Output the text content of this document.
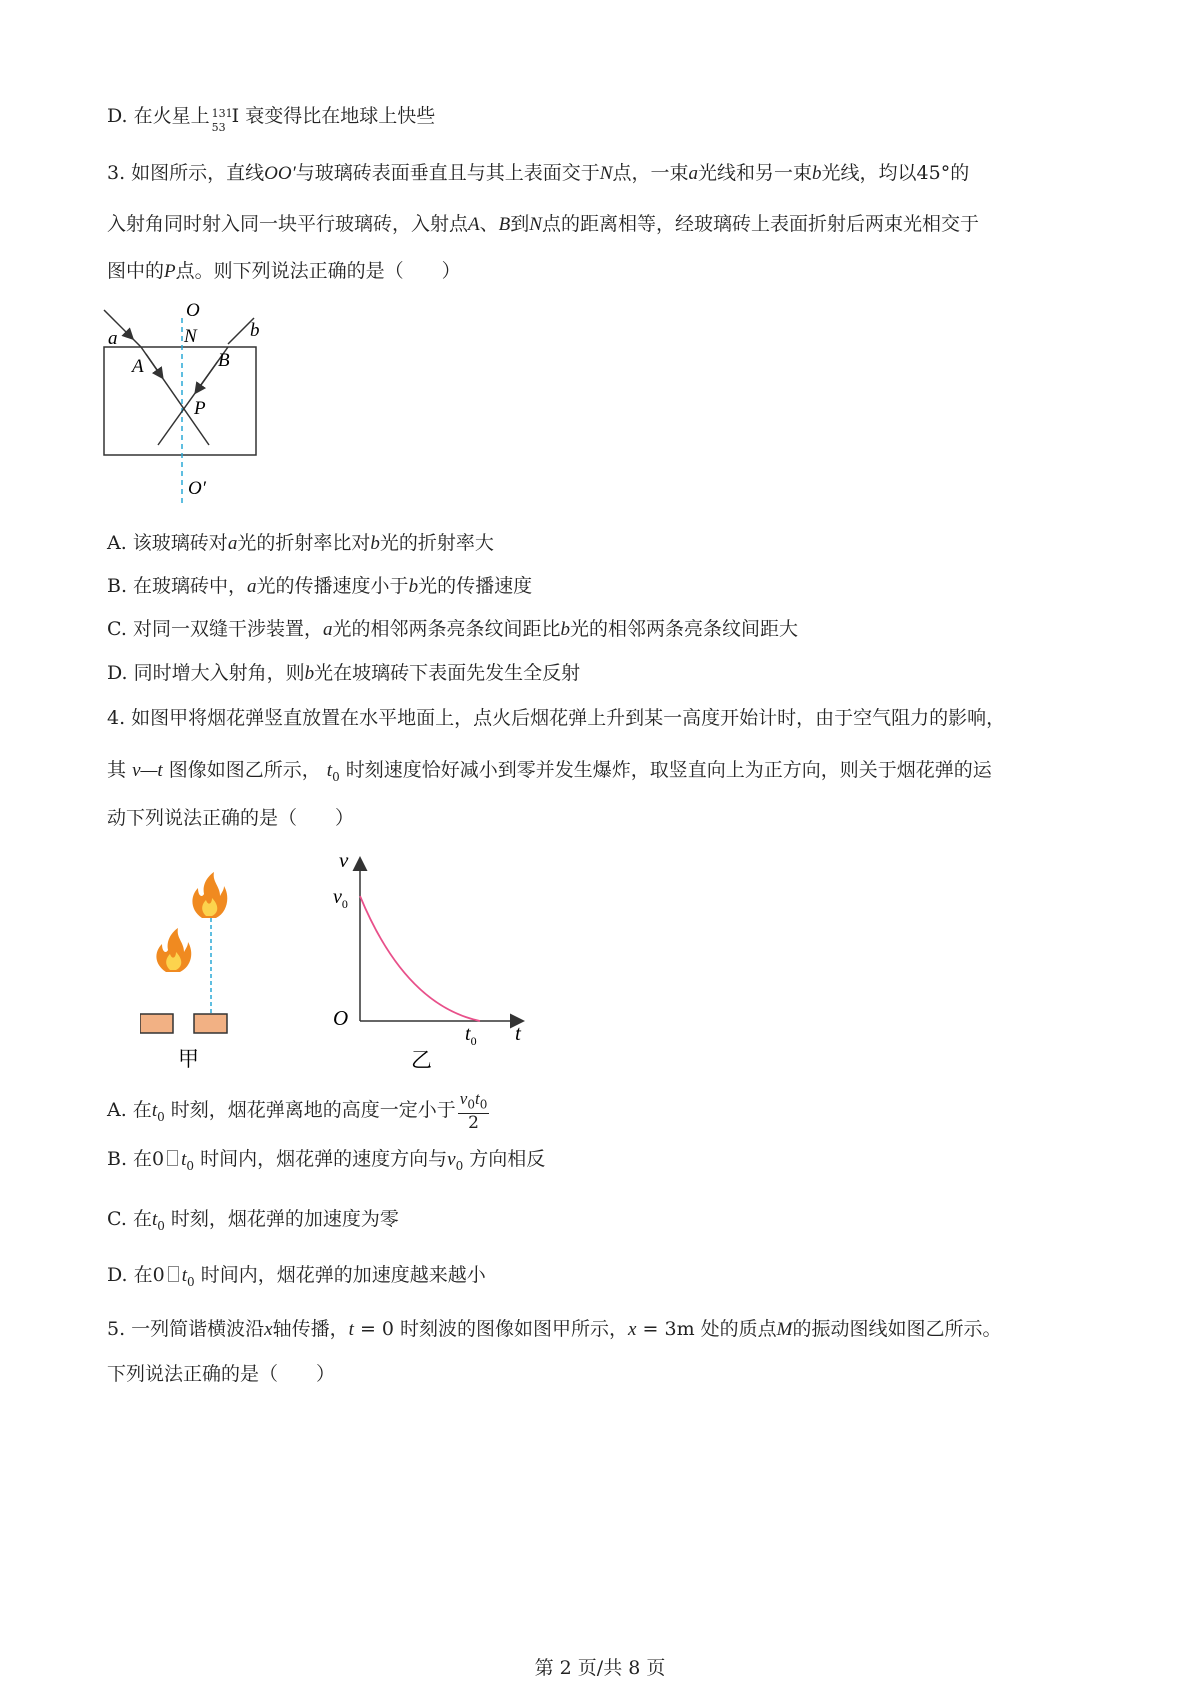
D. 在火星上 131
53
I 衰变得比在地球上快些
3. 如图所示，直线OO′与玻璃砖表面垂直且与其上表面交于N点，一束a光线和另一束b光线，均以45°的
入射角同时射入同一块平行玻璃砖，入射点A、B到N点的距离相等，经玻璃砖上表面折射后两束光相交于
图中的P点。则下列说法正确的是（　　）
O
N
a	b
A	B
P
O′
A. 该玻璃砖对a光的折射率比对b光的折射率大
B. 在玻璃砖中，a光的传播速度小于b光的传播速度
C. 对同一双缝干涉装置，a光的相邻两条亮条纹间距比b光的相邻两条亮条纹间距大
D. 同时增大入射角，则b光在坡璃砖下表面先发生全反射
4. 如图甲将烟花弹竖直放置在水平地面上，点火后烟花弹上升到某一高度开始计时，由于空气阻力的影响，
其 v—t 图像如图乙所示， $t_0$ 时刻速度恰好减小到零并发生爆炸，取竖直向上为正方向，则关于烟花弹的运
动下列说法正确的是（　　）
甲
v
$v_0$
O
$t_0$ t
乙
A. 在$t_0$ 时刻，烟花弹离地的高度一定小于 $\frac{v_0t_0}{2}$
B. 在0 $t_0$ 时间内，烟花弹的速度方向与$v_0$ 方向相反
C. 在$t_0$ 时刻，烟花弹的加速度为零
D. 在0 $t_0$ 时间内，烟花弹的加速度越来越小
5. 一列简谐横波沿x轴传播，t = 0 时刻波的图像如图甲所示，x = 3m 处的质点M的振动图线如图乙所示。
下列说法正确的是（　　）
第 2 页/共 8 页
